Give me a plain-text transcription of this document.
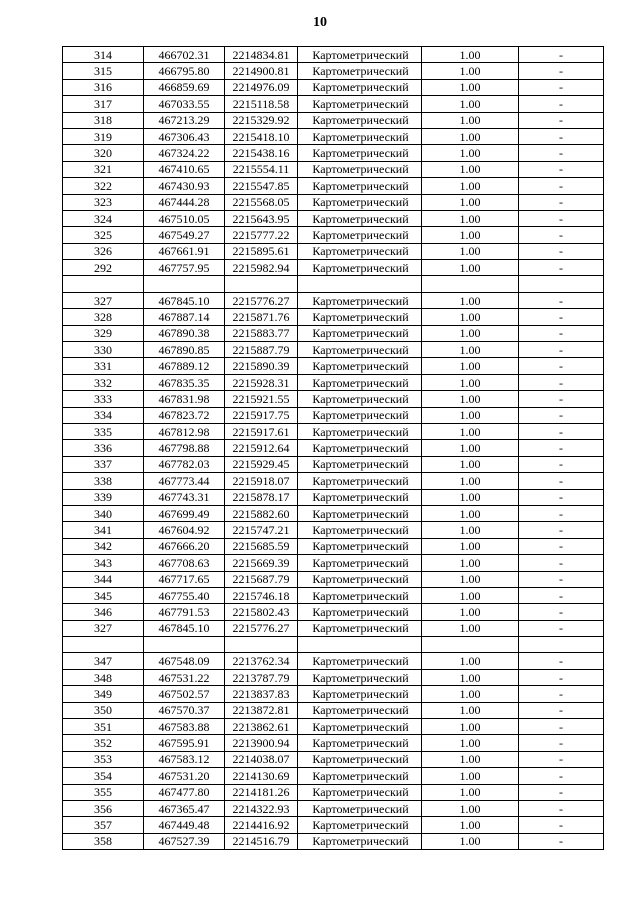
10
314	466702.31	2214834.81	Картометрический	1.00	-
315	466795.80	2214900.81	Картометрический	1.00	-
316	466859.69	2214976.09	Картометрический	1.00	-
317	467033.55	2215118.58	Картометрический	1.00	-
318	467213.29	2215329.92	Картометрический	1.00	-
319	467306.43	2215418.10	Картометрический	1.00	-
320	467324.22	2215438.16	Картометрический	1.00	-
321	467410.65	2215554.11	Картометрический	1.00	-
322	467430.93	2215547.85	Картометрический	1.00	-
323	467444.28	2215568.05	Картометрический	1.00	-
324	467510.05	2215643.95	Картометрический	1.00	-
325	467549.27	2215777.22	Картометрический	1.00	-
326	467661.91	2215895.61	Картометрический	1.00	-
292	467757.95	2215982.94	Картометрический	1.00	-

327	467845.10	2215776.27	Картометрический	1.00	-
328	467887.14	2215871.76	Картометрический	1.00	-
329	467890.38	2215883.77	Картометрический	1.00	-
330	467890.85	2215887.79	Картометрический	1.00	-
331	467889.12	2215890.39	Картометрический	1.00	-
332	467835.35	2215928.31	Картометрический	1.00	-
333	467831.98	2215921.55	Картометрический	1.00	-
334	467823.72	2215917.75	Картометрический	1.00	-
335	467812.98	2215917.61	Картометрический	1.00	-
336	467798.88	2215912.64	Картометрический	1.00	-
337	467782.03	2215929.45	Картометрический	1.00	-
338	467773.44	2215918.07	Картометрический	1.00	-
339	467743.31	2215878.17	Картометрический	1.00	-
340	467699.49	2215882.60	Картометрический	1.00	-
341	467604.92	2215747.21	Картометрический	1.00	-
342	467666.20	2215685.59	Картометрический	1.00	-
343	467708.63	2215669.39	Картометрический	1.00	-
344	467717.65	2215687.79	Картометрический	1.00	-
345	467755.40	2215746.18	Картометрический	1.00	-
346	467791.53	2215802.43	Картометрический	1.00	-
327	467845.10	2215776.27	Картометрический	1.00	-

347	467548.09	2213762.34	Картометрический	1.00	-
348	467531.22	2213787.79	Картометрический	1.00	-
349	467502.57	2213837.83	Картометрический	1.00	-
350	467570.37	2213872.81	Картометрический	1.00	-
351	467583.88	2213862.61	Картометрический	1.00	-
352	467595.91	2213900.94	Картометрический	1.00	-
353	467583.12	2214038.07	Картометрический	1.00	-
354	467531.20	2214130.69	Картометрический	1.00	-
355	467477.80	2214181.26	Картометрический	1.00	-
356	467365.47	2214322.93	Картометрический	1.00	-
357	467449.48	2214416.92	Картометрический	1.00	-
358	467527.39	2214516.79	Картометрический	1.00	-
